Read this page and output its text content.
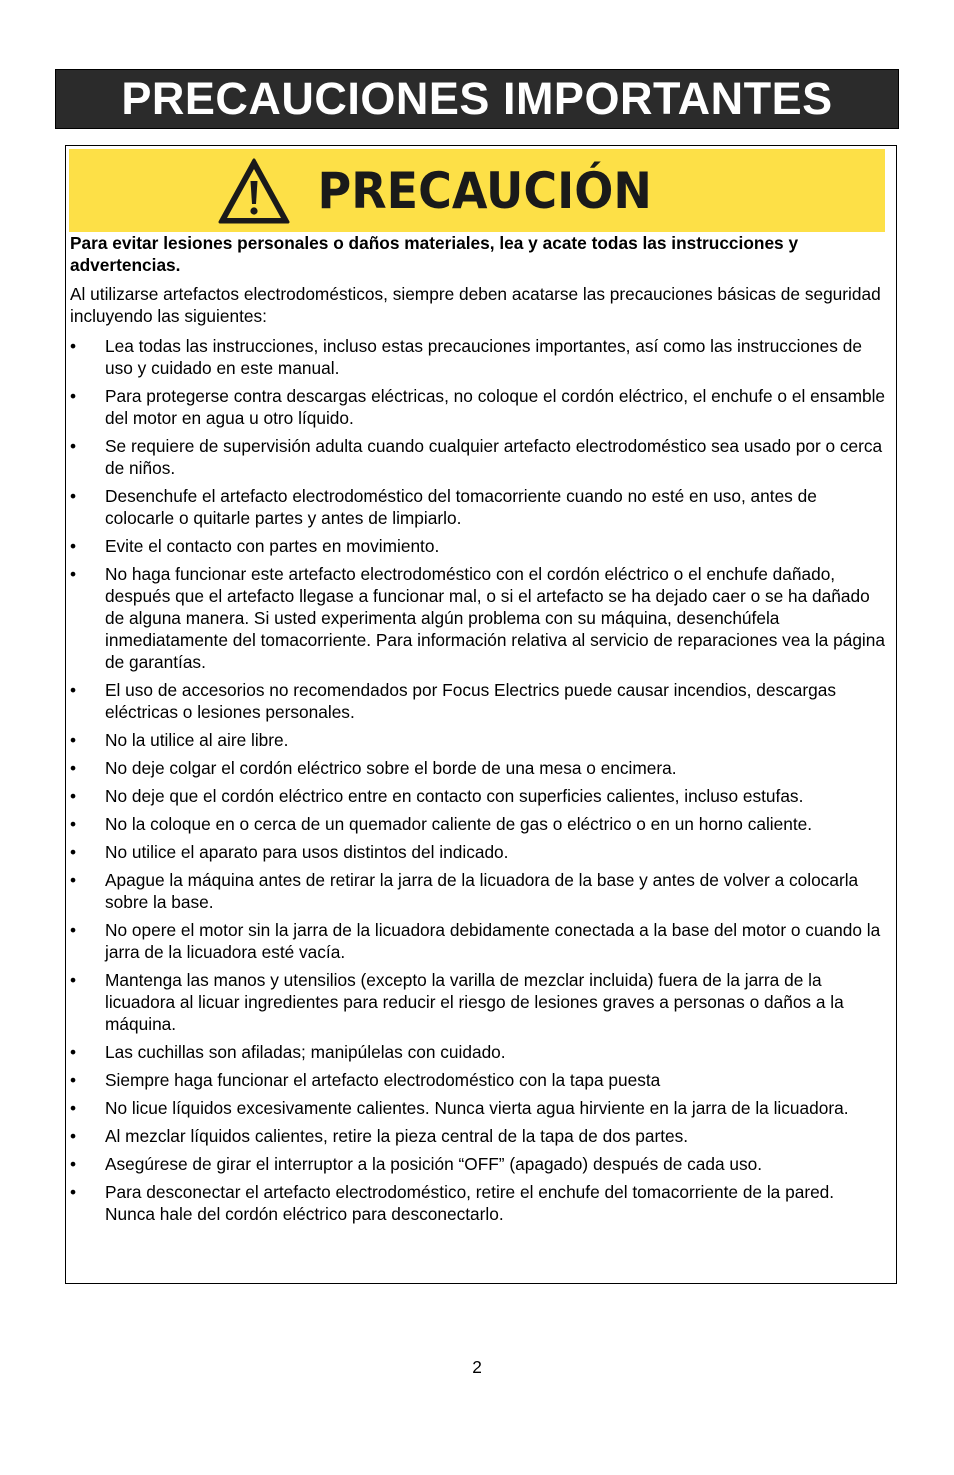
PRECAUCIONES IMPORTANTES
PRECAUCIÓN

Para evitar lesiones personales o daños materiales, lea y acate todas las instrucciones y advertencias.

Al utilizarse artefactos electrodomésticos, siempre deben acatarse las precauciones básicas de seguridad incluyendo las siguientes:

•	Lea todas las instrucciones, incluso estas precauciones importantes, así como las instrucciones de uso y cuidado en este manual.
•	Para protegerse contra descargas eléctricas, no coloque el cordón eléctrico, el enchufe o el ensamble del motor en agua u otro líquido.
•	Se requiere de supervisión adulta cuando cualquier artefacto electrodoméstico sea usado por o cerca de niños.
•	Desenchufe el artefacto electrodoméstico del tomacorriente cuando no esté en uso, antes de colocarle o quitarle partes y antes de limpiarlo.
•	Evite el contacto con partes en movimiento.
•	No haga funcionar este artefacto electrodoméstico con el cordón eléctrico o el enchufe dañado, después que el artefacto llegase a funcionar mal, o si el artefacto se ha dejado caer o se ha dañado de alguna manera. Si usted experimenta algún problema con su máquina, desenchúfela inmediatamente del tomacorriente. Para información relativa al servicio de reparaciones vea la página de garantías.
•	El uso de accesorios no recomendados por Focus Electrics puede causar incendios, descargas eléctricas o lesiones personales.
•	No la utilice al aire libre.
•	No deje colgar el cordón eléctrico sobre el borde de una mesa o encimera.
•	No deje que el cordón eléctrico entre en contacto con superficies calientes, incluso estufas.
•	No la coloque en o cerca de un quemador caliente de gas o eléctrico o en un horno caliente.
•	No utilice el aparato para usos distintos del indicado.
•	Apague la máquina antes de retirar la jarra de la licuadora de la base y antes de volver a colocarla sobre la base.
•	No opere el motor sin la jarra de la licuadora debidamente conectada a la base del motor o cuando la jarra de la licuadora esté vacía.
•	Mantenga las manos y utensilios (excepto la varilla de mezclar incluida) fuera de la jarra de la licuadora al licuar ingredientes para reducir el riesgo de lesiones graves a personas o daños a la máquina.
•	Las cuchillas son afiladas; manipúlelas con cuidado.
•	Siempre haga funcionar el artefacto electrodoméstico con la tapa puesta
•	No licue líquidos excesivamente calientes. Nunca vierta agua hirviente en la jarra de la licuadora.
•	Al mezclar líquidos calientes, retire la pieza central de la tapa de dos partes.
•	Asegúrese de girar el interruptor a la posición “OFF” (apagado) después de cada uso.
•	Para desconectar el artefacto electrodoméstico, retire el enchufe del tomacorriente de la pared. Nunca hale del cordón eléctrico para desconectarlo.
2
